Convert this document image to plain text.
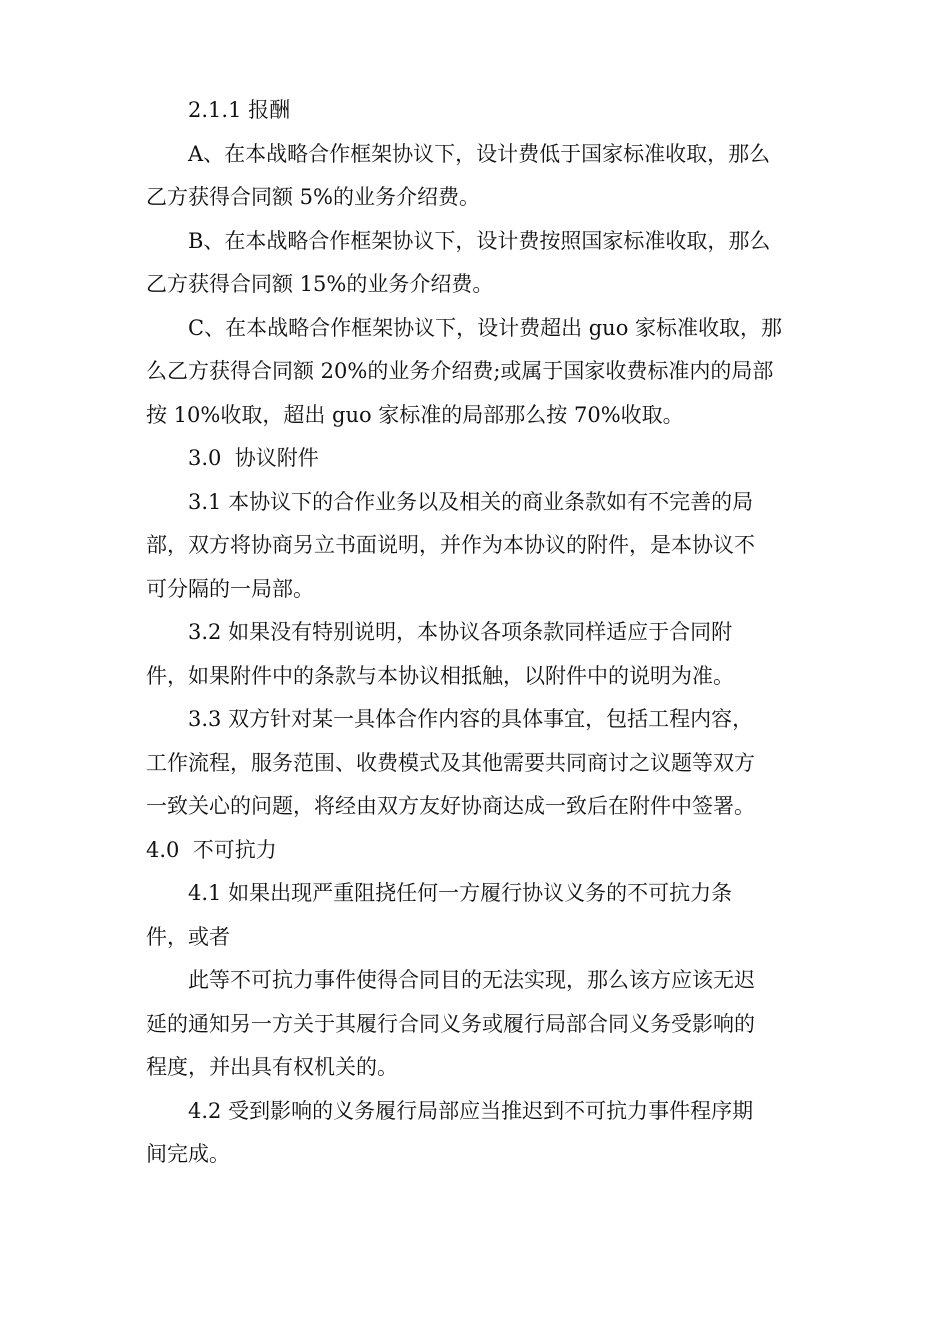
2.1.1 报酬
A、在本战略合作框架协议下，设计费低于国家标准收取，那么
乙方获得合同额 5%的业务介绍费。
B、在本战略合作框架协议下，设计费按照国家标准收取，那么
乙方获得合同额 15%的业务介绍费。
C、在本战略合作框架协议下，设计费超出 guo 家标准收取，那
么乙方获得合同额 20%的业务介绍费;或属于国家收费标准内的局部
按 10%收取，超出 guo 家标准的局部那么按 70%收取。
3.0  协议附件
3.1 本协议下的合作业务以及相关的商业条款如有不完善的局
部，双方将协商另立书面说明，并作为本协议的附件，是本协议不
可分隔的一局部。
3.2 如果没有特别说明，本协议各项条款同样适应于合同附
件，如果附件中的条款与本协议相抵触，以附件中的说明为准。
3.3 双方针对某一具体合作内容的具体事宜，包括工程内容，
工作流程，服务范围、收费模式及其他需要共同商讨之议题等双方
一致关心的问题，将经由双方友好协商达成一致后在附件中签署。
4.0  不可抗力
4.1 如果出现严重阻挠任何一方履行协议义务的不可抗力条
件，或者
此等不可抗力事件使得合同目的无法实现，那么该方应该无迟
延的通知另一方关于其履行合同义务或履行局部合同义务受影响的
程度，并出具有权机关的。
4.2 受到影响的义务履行局部应当推迟到不可抗力事件程序期
间完成。
